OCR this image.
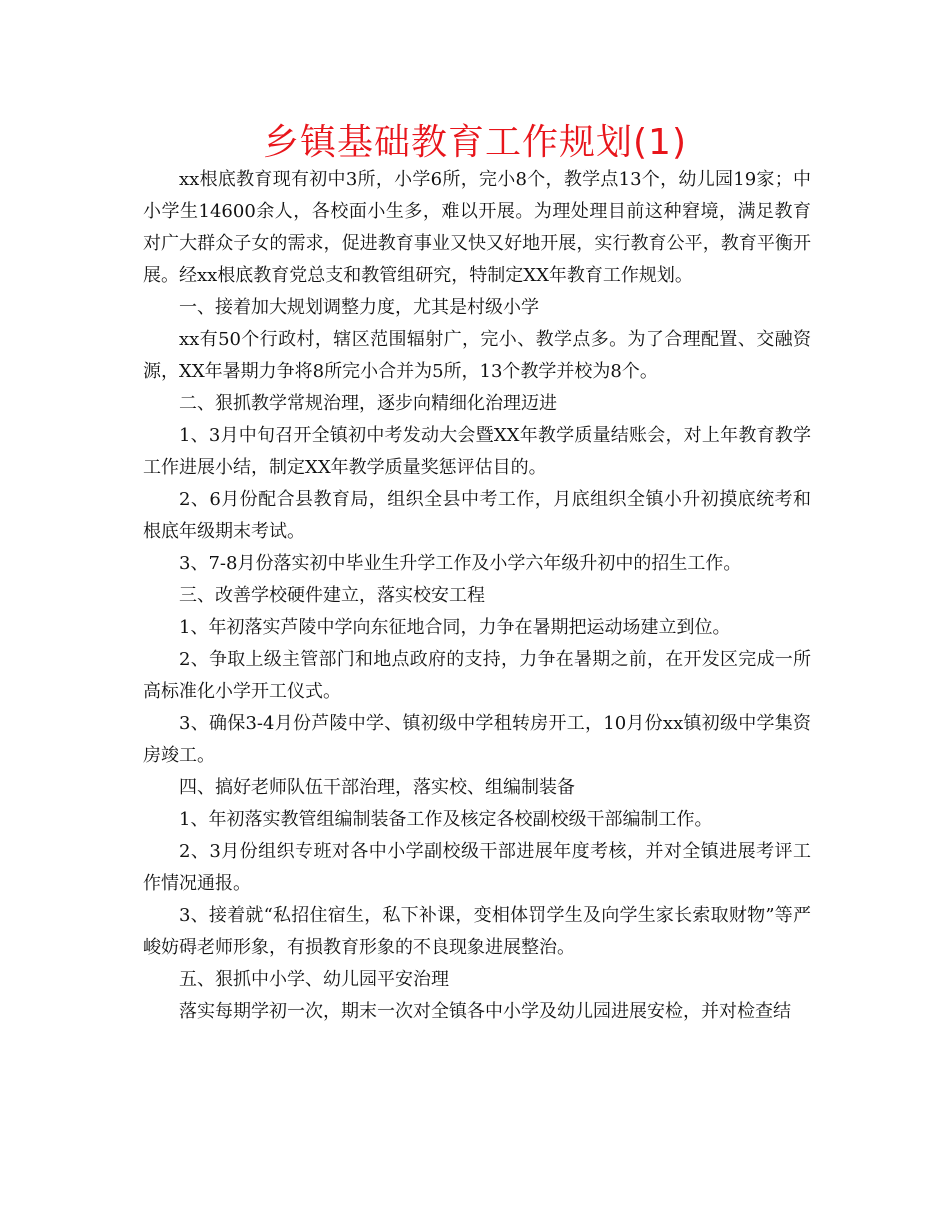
乡镇基础教育工作规划(1)

xx根底教育现有初中3所，小学6所，完小8个，教学点13个，幼儿园19家；中小学生14600余人，各校面小生多，难以开展。为理处理目前这种窘境，满足教育对广大群众子女的需求，促进教育事业又快又好地开展，实行教育公平，教育平衡开展。经xx根底教育党总支和教管组研究，特制定XX年教育工作规划。

一、接着加大规划调整力度，尤其是村级小学

xx有50个行政村，辖区范围辐射广，完小、教学点多。为了合理配置、交融资源，XX年暑期力争将8所完小合并为5所，13个教学并校为8个。

二、狠抓教学常规治理，逐步向精细化治理迈进

1、3月中旬召开全镇初中考发动大会暨XX年教学质量结账会，对上年教育教学工作进展小结，制定XX年教学质量奖惩评估目的。

2、6月份配合县教育局，组织全县中考工作，月底组织全镇小升初摸底统考和根底年级期末考试。

3、7-8月份落实初中毕业生升学工作及小学六年级升初中的招生工作。

三、改善学校硬件建立，落实校安工程

1、年初落实芦陵中学向东征地合同，力争在暑期把运动场建立到位。

2、争取上级主管部门和地点政府的支持，力争在暑期之前，在开发区完成一所高标准化小学开工仪式。

3、确保3-4月份芦陵中学、镇初级中学租转房开工，10月份xx镇初级中学集资房竣工。

四、搞好老师队伍干部治理，落实校、组编制装备

1、年初落实教管组编制装备工作及核定各校副校级干部编制工作。

2、3月份组织专班对各中小学副校级干部进展年度考核，并对全镇进展考评工作情况通报。

3、接着就“私招住宿生，私下补课，变相体罚学生及向学生家长索取财物”等严峻妨碍老师形象，有损教育形象的不良现象进展整治。

五、狠抓中小学、幼儿园平安治理

落实每期学初一次，期末一次对全镇各中小学及幼儿园进展安检，并对检查结
